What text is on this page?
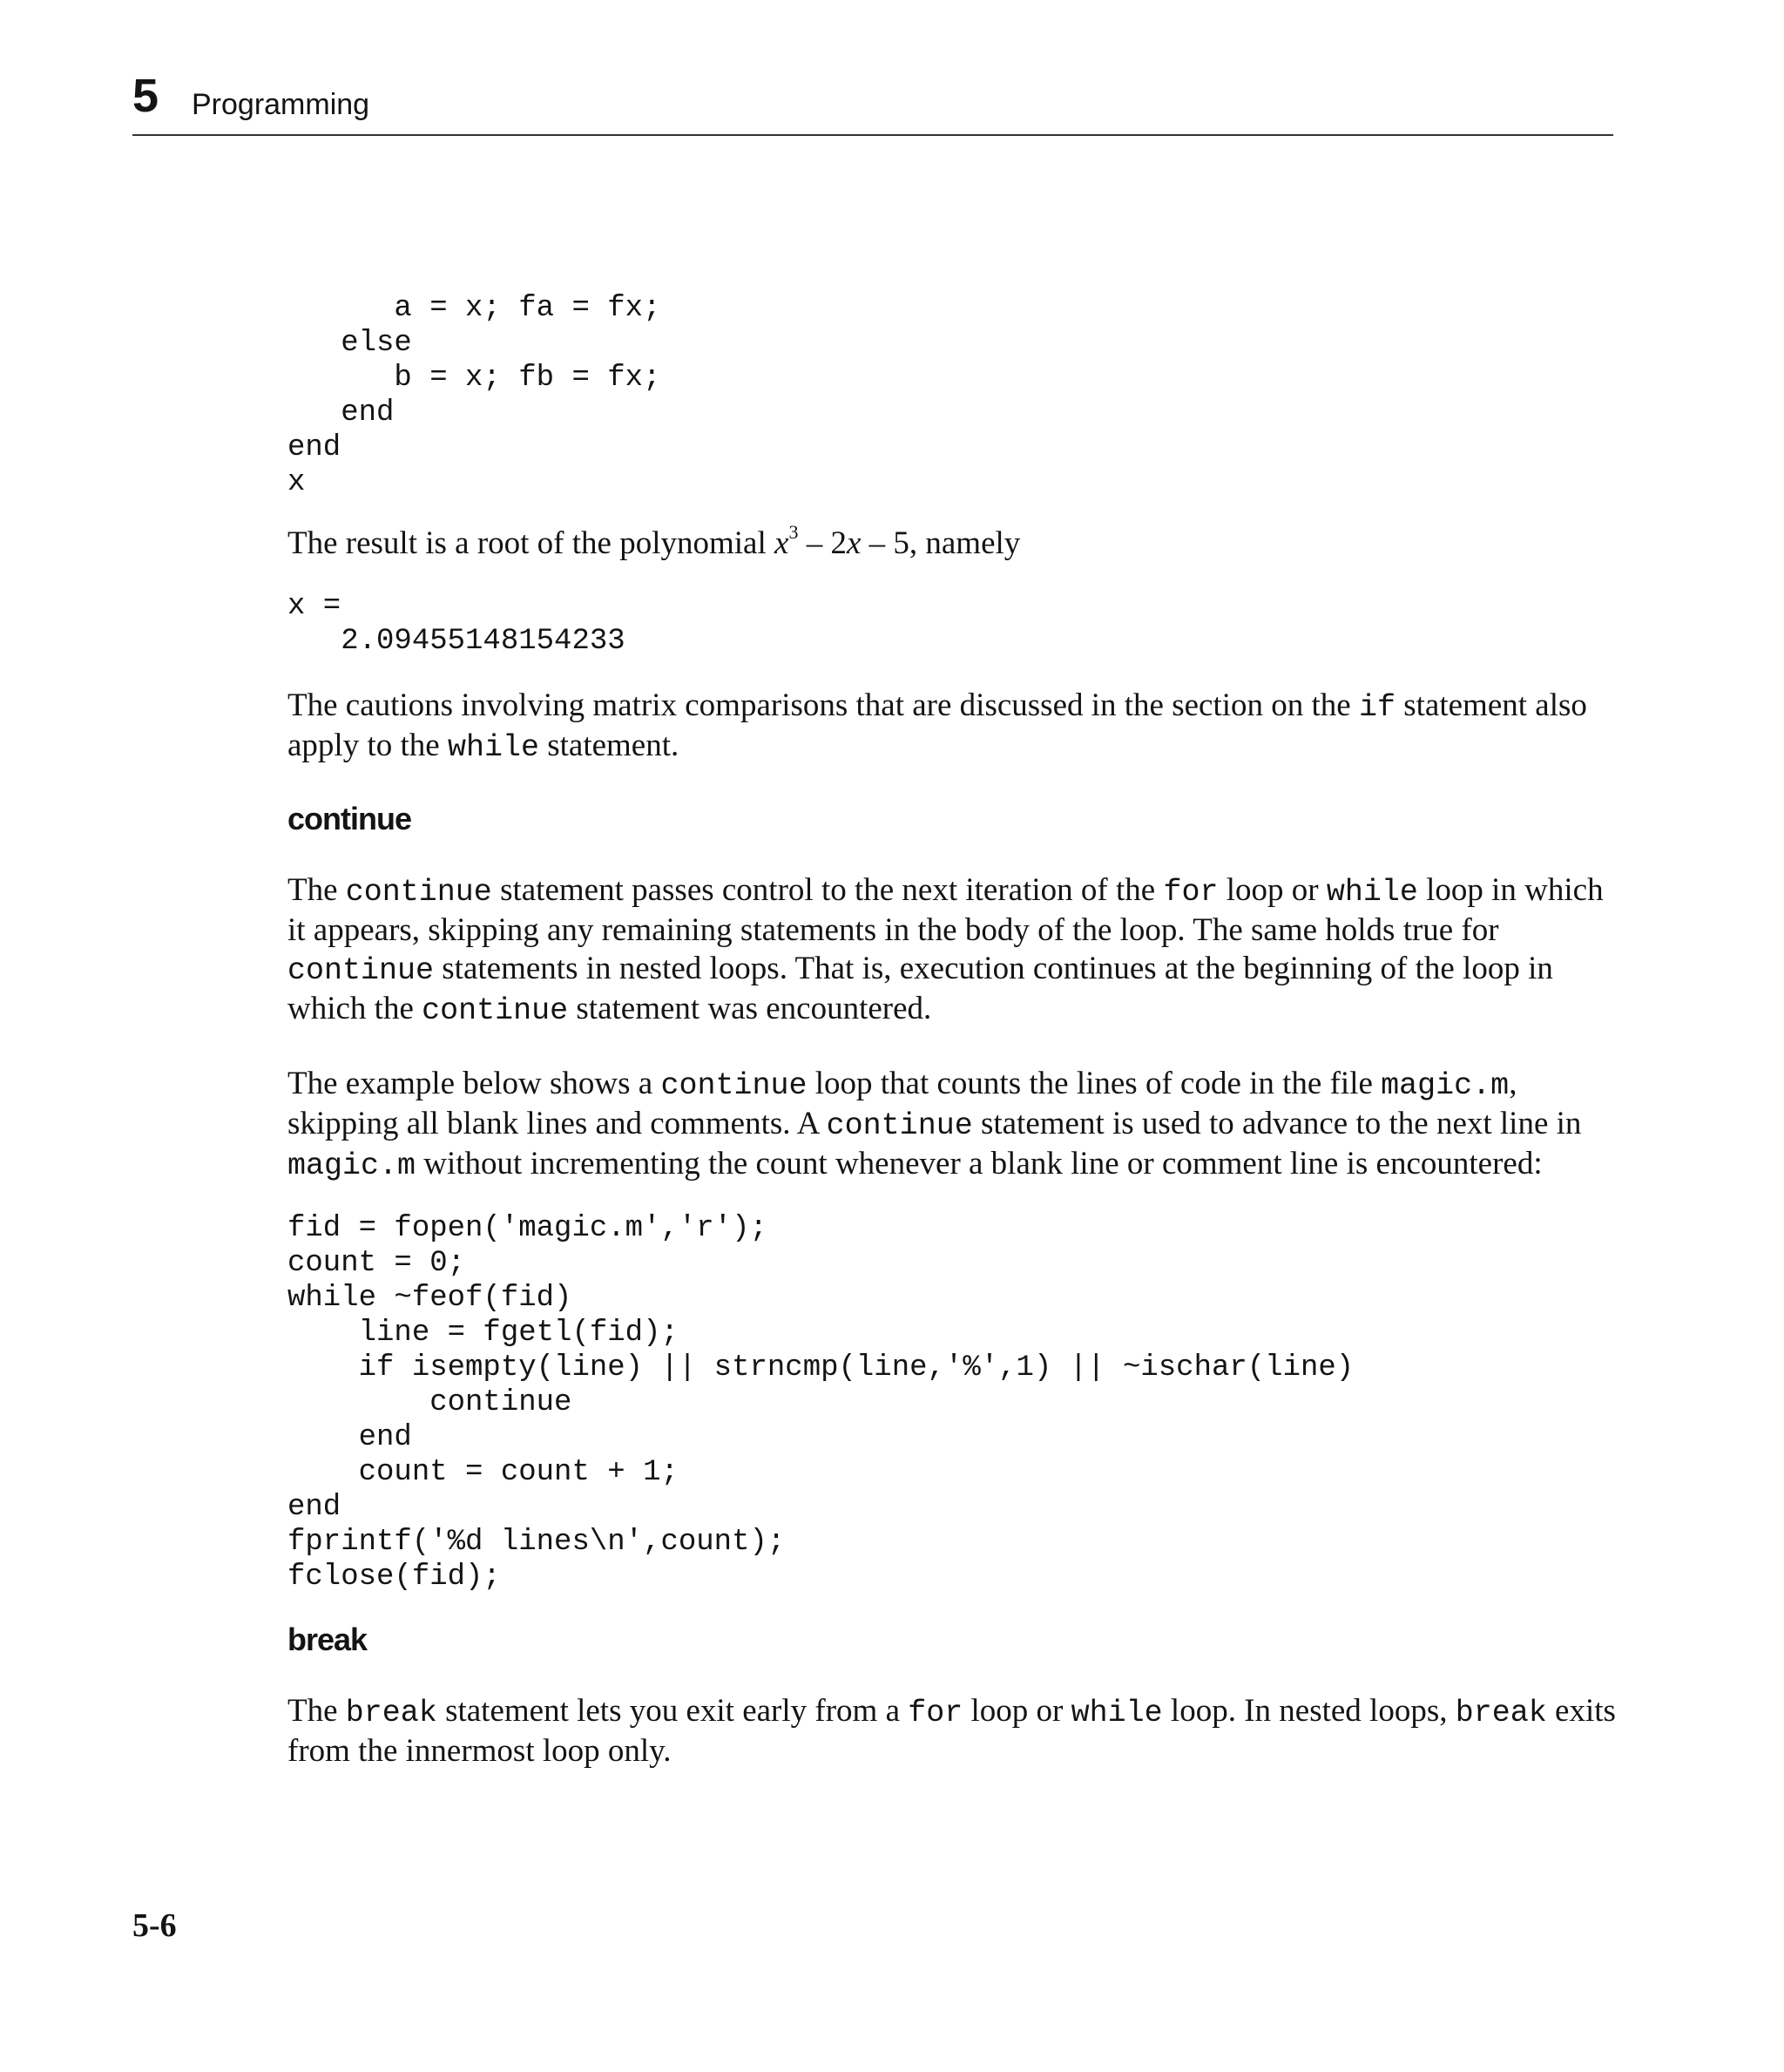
5 Programming
a = x; fa = fx;
else
b = x; fb = fx;
end
end
x

The result is a root of the polynomial $x^3 - 2x - 5$, namely

x =
2.09455148154233

The cautions involving matrix comparisons that are discussed in the section on the if statement also apply to the while statement.

continue

The continue statement passes control to the next iteration of the for loop or while loop in which it appears, skipping any remaining statements in the body of the loop. The same holds true for continue statements in nested loops. That is, execution continues at the beginning of the loop in which the continue statement was encountered.

The example below shows a continue loop that counts the lines of code in the file magic.m, skipping all blank lines and comments. A continue statement is used to advance to the next line in magic.m without incrementing the count whenever a blank line or comment line is encountered:

fid = fopen('magic.m','r');
count = 0;
while ~feof(fid)
line = fgetl(fid);
if isempty(line) || strncmp(line,'%',1) || ~ischar(line)
continue
end
count = count + 1;
end
fprintf('%d lines\n',count);
fclose(fid);
break

The break statement lets you exit early from a for loop or while loop. In nested loops, break exits from the innermost loop only.

5-6
